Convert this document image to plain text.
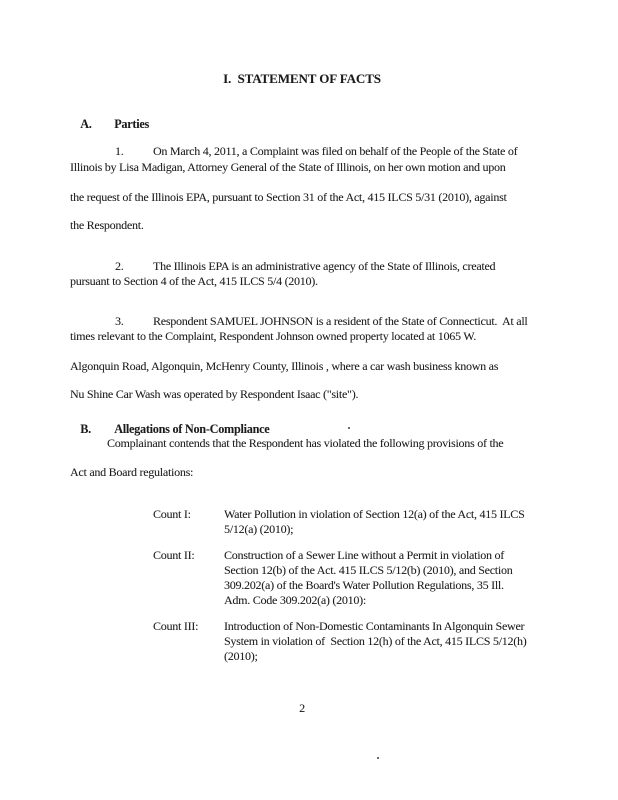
I.  STATEMENT OF FACTS

A. Parties

1. On March 4, 2011, a Complaint was filed on behalf of the People of the State of

Illinois by Lisa Madigan, Attorney General of the State of Illinois, on her own motion and upon
the request of the Illinois EPA, pursuant to Section 31 of the Act, 415 ILCS 5/31 (2010), against
the Respondent.

2. The Illinois EPA is an administrative agency of the State of Illinois, created

pursuant to Section 4 of the Act, 415 ILCS 5/4 (2010).

3. Respondent SAMUEL JOHNSON is a resident of the State of Connecticut.  At all

times relevant to the Complaint, Respondent Johnson owned property located at 1065 W.
Algonquin Road, Algonquin, McHenry County, Illinois , where a car wash business known as
Nu Shine Car Wash was operated by Respondent Isaac ("site").

B. Allegations of Non-Compliance

Complainant contends that the Respondent has violated the following provisions of the
Act and Board regulations:

Count I:	Water Pollution in violation of Section 12(a) of the Act, 415 ILCS
5/12(a) (2010);

Count II: Construction of a Sewer Line without a Permit in violation of
Section 12(b) of the Act. 415 ILCS 5/12(b) (2010), and Section
309.202(a) of the Board's Water Pollution Regulations, 35 Ill.
Adm. Code 309.202(a) (2010):

Count III: Introduction of Non-Domestic Contaminants In Algonquin Sewer
System in violation of  Section 12(h) of the Act, 415 ILCS 5/12(h)
(2010);

2
